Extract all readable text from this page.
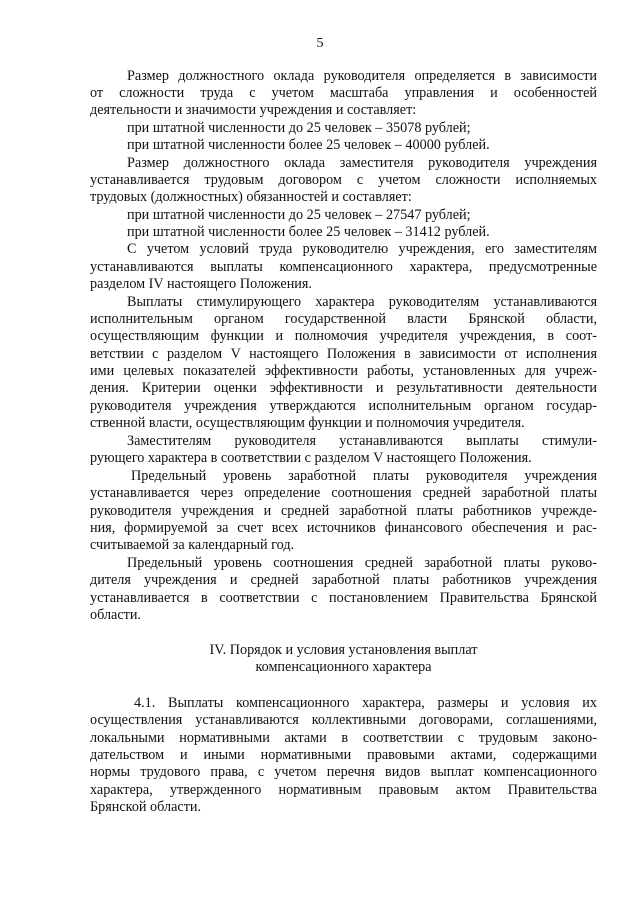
5
Размер должностного оклада руководителя определяется в зависимости
от сложности труда с учетом масштаба управления и особенностей
деятельности и значимости учреждения и составляет:
при штатной численности до 25 человек – 35078 рублей;
при штатной численности более 25 человек – 40000 рублей.
Размер должностного оклада заместителя руководителя учреждения
устанавливается трудовым договором с учетом сложности исполняемых
трудовых (должностных) обязанностей и составляет:
при штатной численности до 25 человек – 27547 рублей;
при штатной численности более 25 человек – 31412 рублей.
С учетом условий труда руководителю учреждения, его заместителям
устанавливаются выплаты компенсационного характера, предусмотренные
разделом IV настоящего Положения.
Выплаты стимулирующего характера руководителям устанавливаются
исполнительным органом государственной власти Брянской области,
осуществляющим функции и полномочия учредителя учреждения, в соот-
ветствии с разделом V настоящего Положения в зависимости от исполнения
ими целевых показателей эффективности работы, установленных для учреж-
дения. Критерии оценки эффективности и результативности деятельности
руководителя учреждения утверждаются исполнительным органом государ-
ственной власти, осуществляющим функции и полномочия учредителя.
Заместителям руководителя устанавливаются выплаты стимули-
рующего характера в соответствии с разделом V настоящего Положения.
Предельный уровень заработной платы руководителя учреждения
устанавливается через определение соотношения средней заработной платы
руководителя учреждения и средней заработной платы работников учрежде-
ния, формируемой за счет всех источников финансового обеспечения и рас-
считываемой за календарный год.
Предельный уровень соотношения средней заработной платы руково-
дителя учреждения и средней заработной платы работников учреждения
устанавливается в соответствии с постановлением Правительства Брянской
области.
IV. Порядок и условия установления выплат
компенсационного характера
4.1. Выплаты компенсационного характера, размеры и условия их
осуществления устанавливаются коллективными договорами, соглашениями,
локальными нормативными актами в соответствии с трудовым законо-
дательством и иными нормативными правовыми актами, содержащими
нормы трудового права, с учетом перечня видов выплат компенсационного
характера, утвержденного нормативным правовым актом Правительства
Брянской области.
